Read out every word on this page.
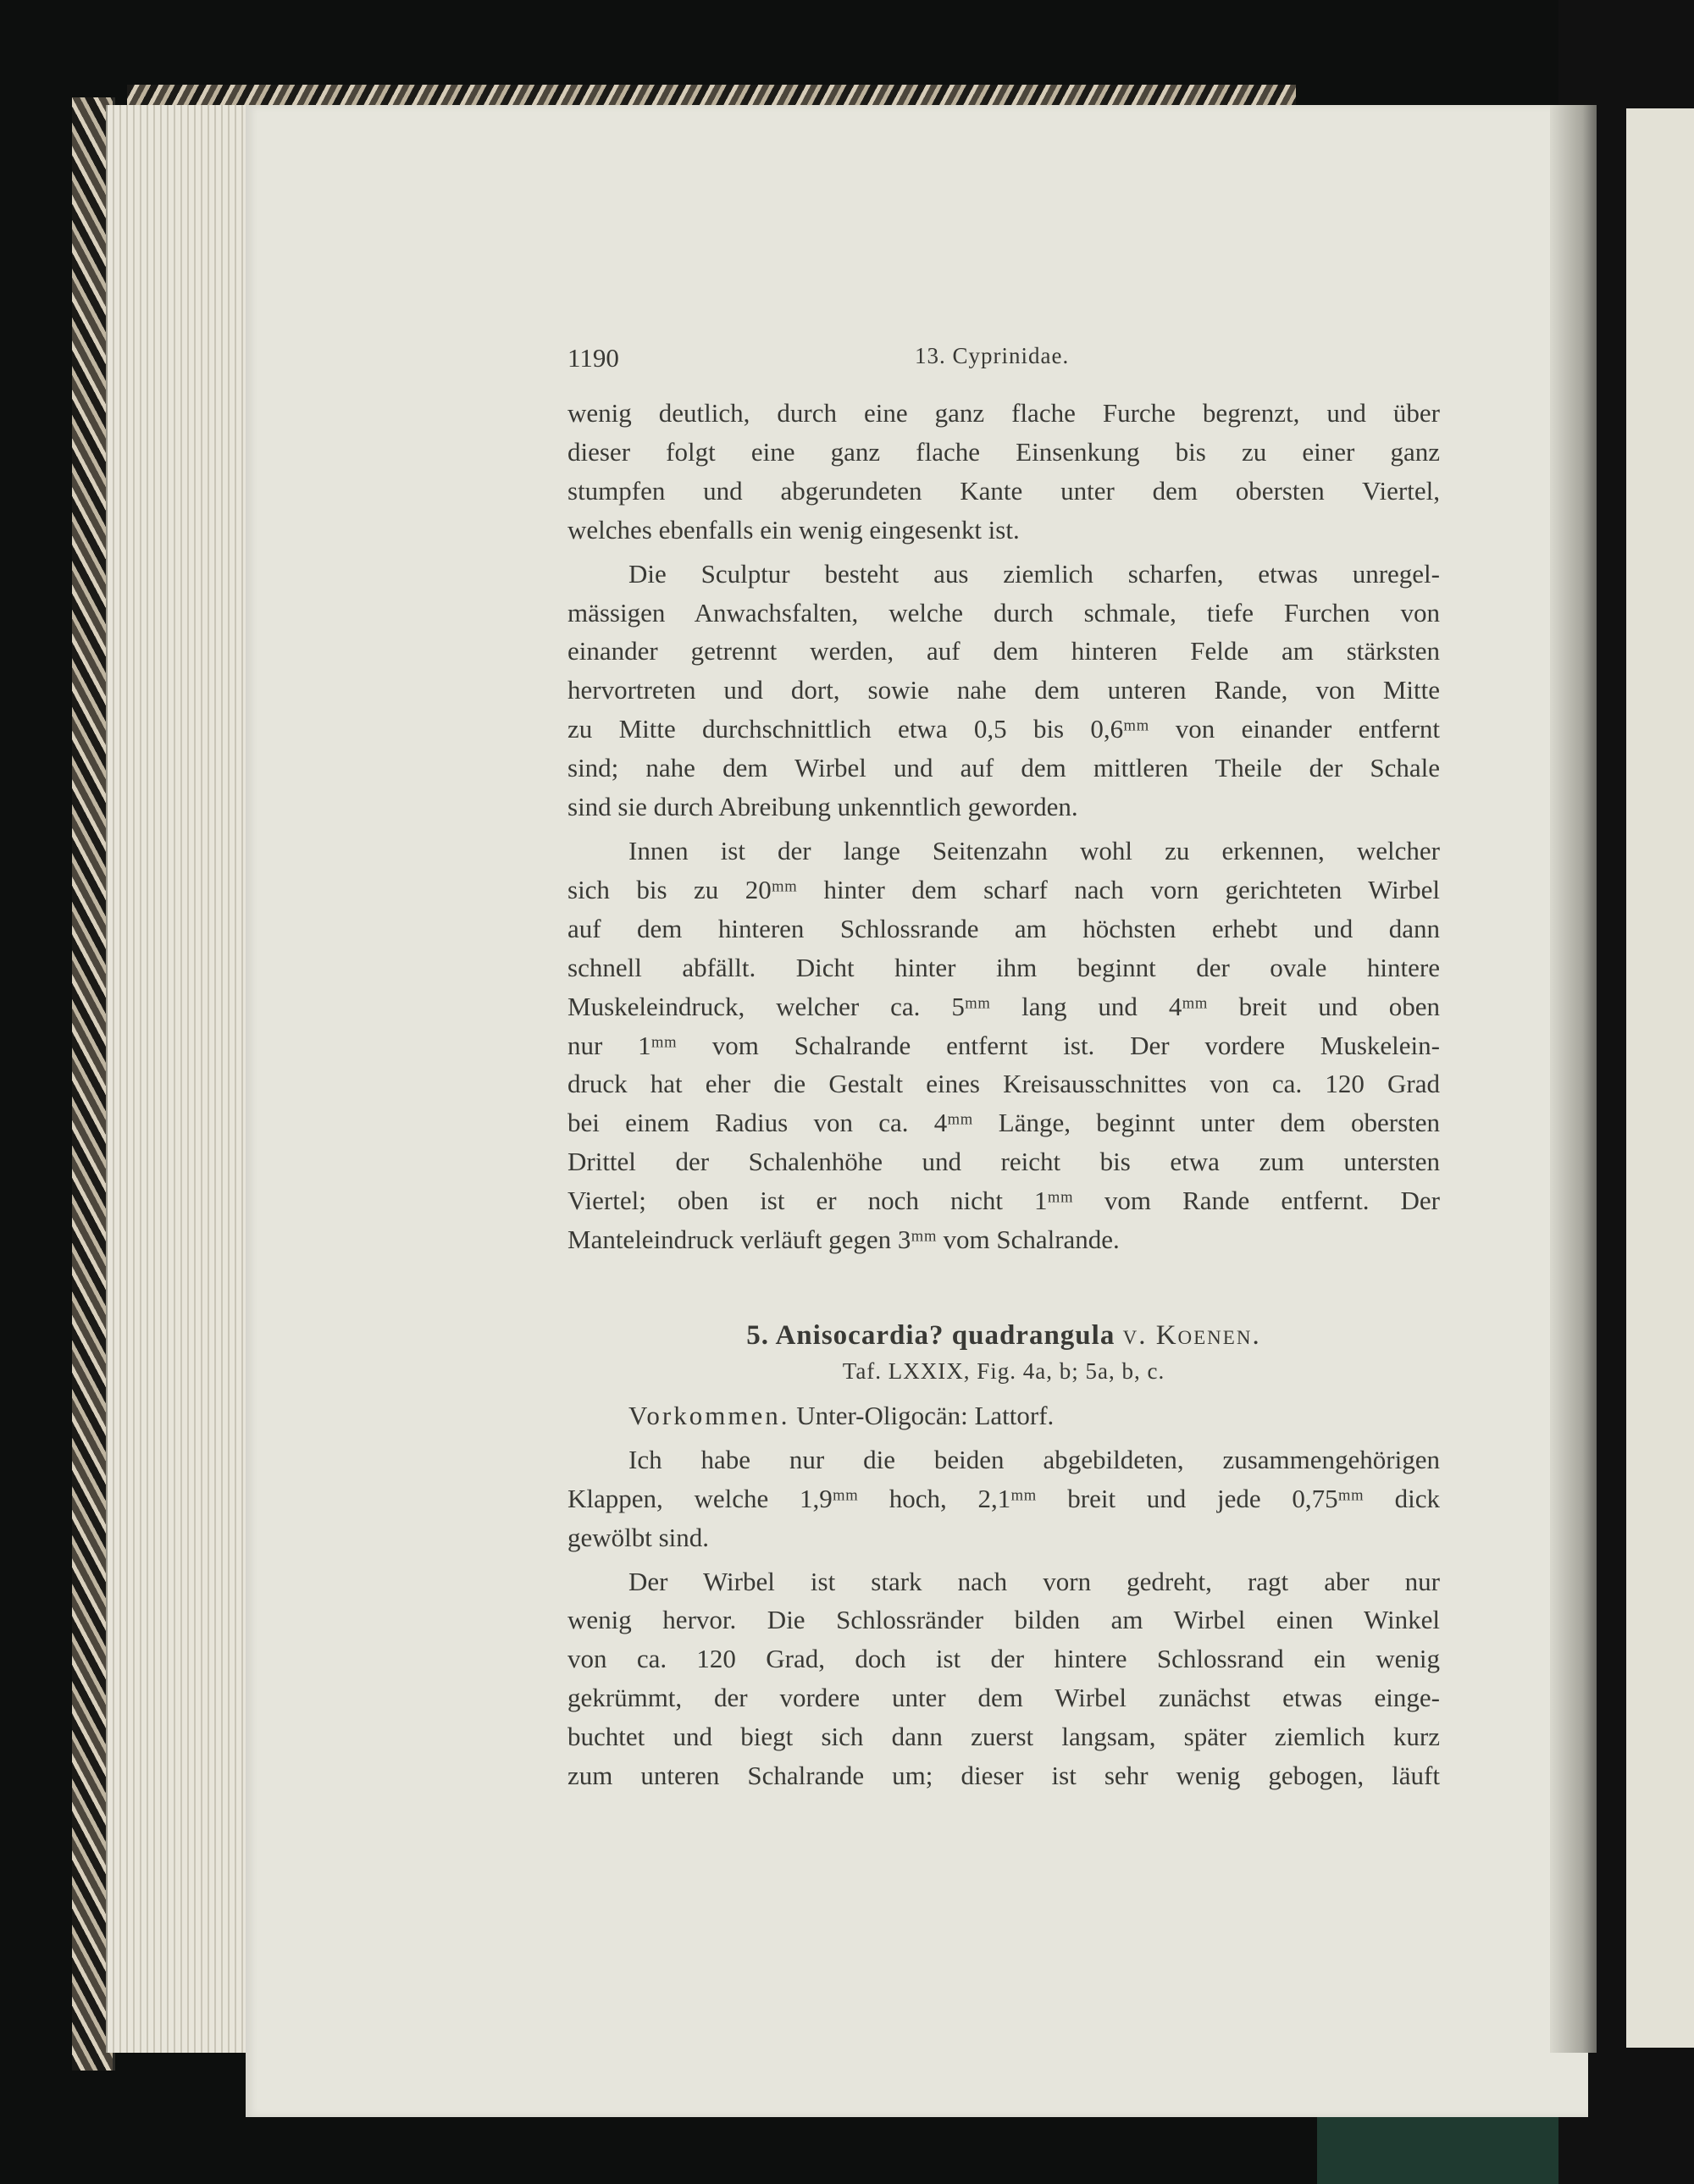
1190	13. Cyprinidae.

wenig deutlich, durch eine ganz flache Furche begrenzt, und über
dieser folgt eine ganz flache Einsenkung bis zu einer ganz
stumpfen und abgerundeten Kante unter dem obersten Viertel,
welches ebenfalls ein wenig eingesenkt ist.

Die Sculptur besteht aus ziemlich scharfen, etwas unregel-
mässigen Anwachsfalten, welche durch schmale, tiefe Furchen von
einander getrennt werden, auf dem hinteren Felde am stärksten
hervortreten und dort, sowie nahe dem unteren Rande, von Mitte
zu Mitte durchschnittlich etwa 0,5 bis 0,6ᵐᵐ von einander entfernt
sind; nahe dem Wirbel und auf dem mittleren Theile der Schale
sind sie durch Abreibung unkenntlich geworden.

Innen ist der lange Seitenzahn wohl zu erkennen, welcher
sich bis zu 20ᵐᵐ hinter dem scharf nach vorn gerichteten Wirbel
auf dem hinteren Schlossrande am höchsten erhebt und dann
schnell abfällt. Dicht hinter ihm beginnt der ovale hintere
Muskeleindruck, welcher ca. 5ᵐᵐ lang und 4ᵐᵐ breit und oben
nur 1ᵐᵐ vom Schalrande entfernt ist. Der vordere Muskelein-
druck hat eher die Gestalt eines Kreisausschnittes von ca. 120 Grad
bei einem Radius von ca. 4ᵐᵐ Länge, beginnt unter dem obersten
Drittel der Schalenhöhe und reicht bis etwa zum untersten
Viertel; oben ist er noch nicht 1ᵐᵐ vom Rande entfernt. Der
Manteleindruck verläuft gegen 3ᵐᵐ vom Schalrande.

5. Anisocardia? quadrangula v. Koenen.
Taf. LXXIX, Fig. 4a, b; 5a, b, c.

Vorkommen. Unter-Oligocän: Lattorf.

Ich habe nur die beiden abgebildeten, zusammengehörigen
Klappen, welche 1,9ᵐᵐ hoch, 2,1ᵐᵐ breit und jede 0,75ᵐᵐ dick
gewölbt sind.

Der Wirbel ist stark nach vorn gedreht, ragt aber nur
wenig hervor. Die Schlossränder bilden am Wirbel einen Winkel
von ca. 120 Grad, doch ist der hintere Schlossrand ein wenig
gekrümmt, der vordere unter dem Wirbel zunächst etwas einge-
buchtet und biegt sich dann zuerst langsam, später ziemlich kurz
zum unteren Schalrande um; dieser ist sehr wenig gebogen, läuft
